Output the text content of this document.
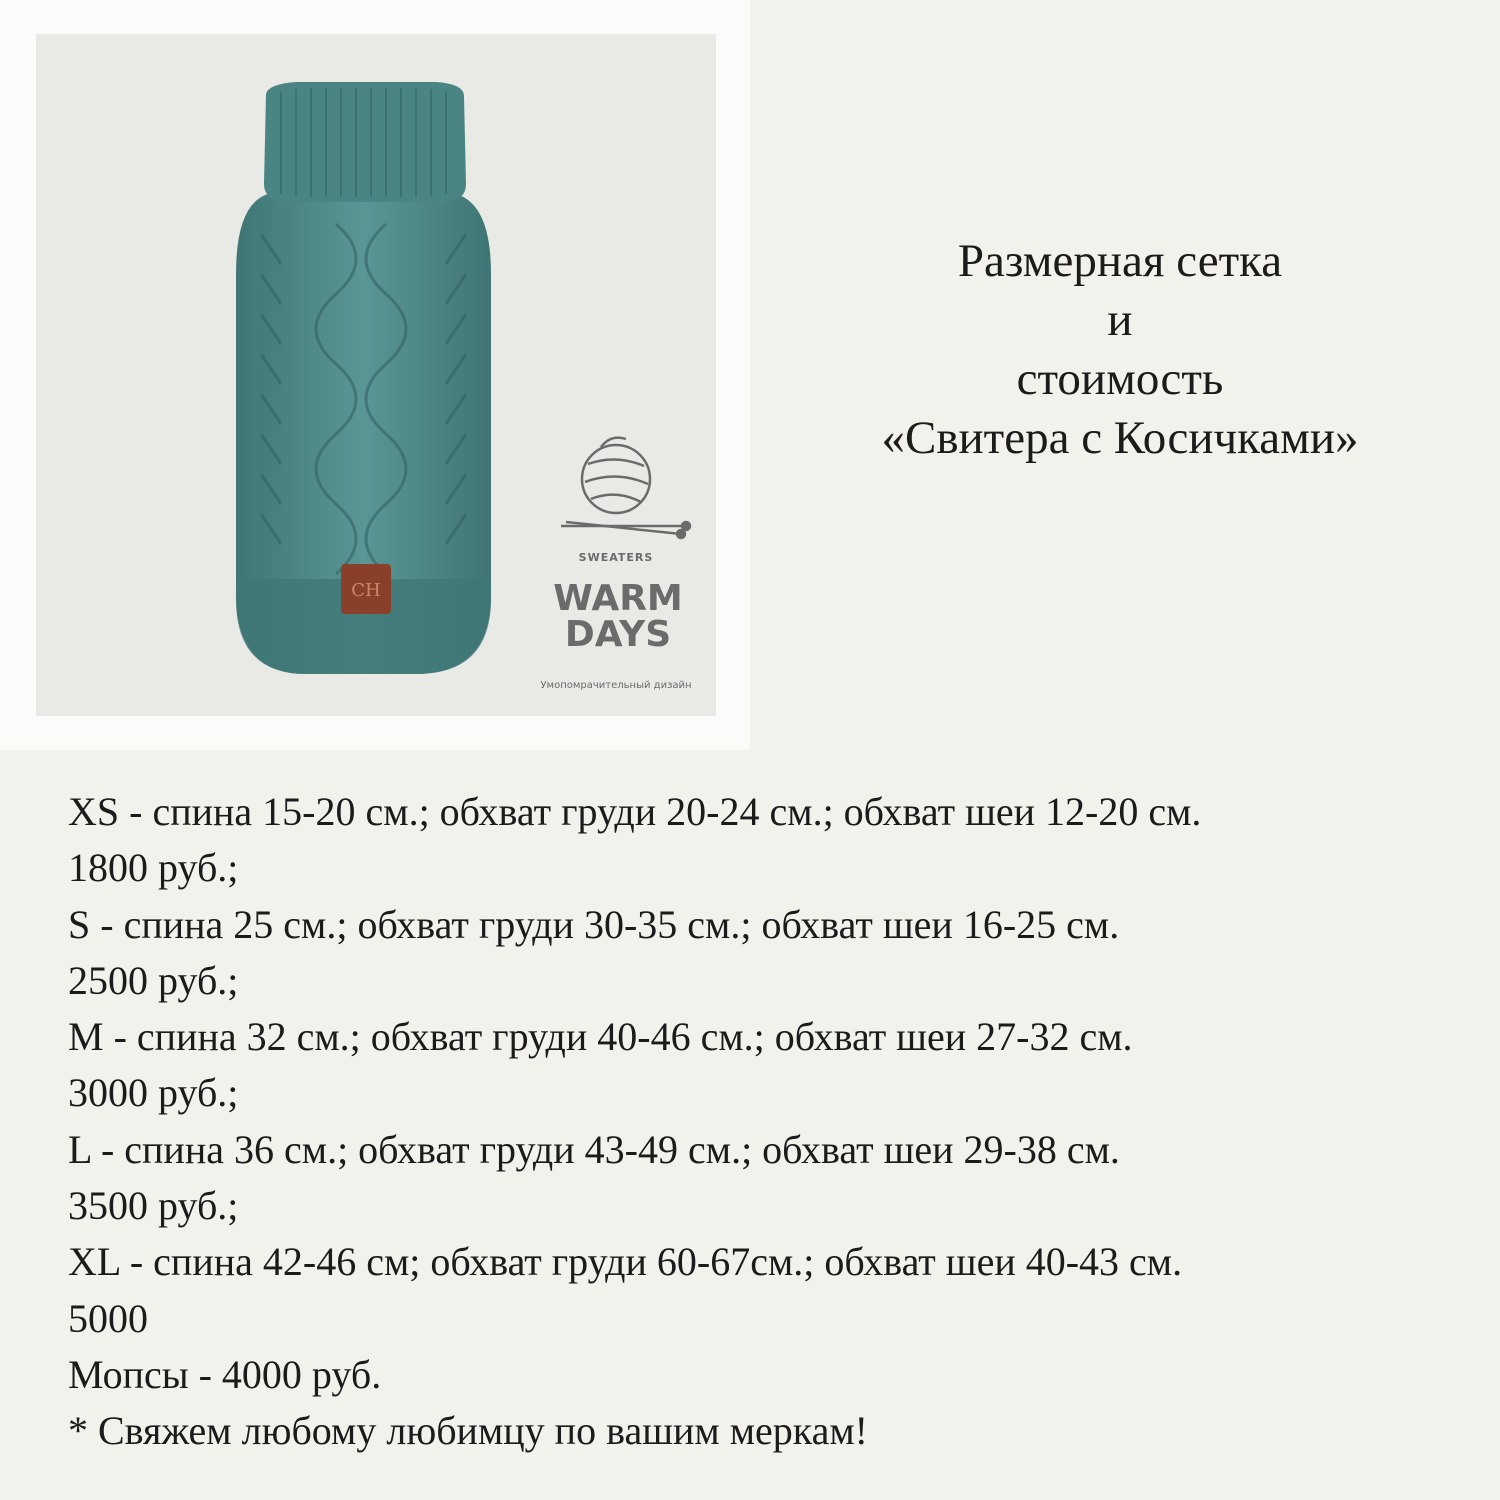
CH
SWEATERS
WARM
DAYS
Умопомрачительный дизайн
Размерная сетка
и
стоимость
«Свитера с Косичками»
XS - спина 15-20 см.; обхват груди 20-24 см.; обхват шеи 12-20 см.
1800 руб.;
S - спина 25 см.; обхват груди 30-35 см.; обхват шеи 16-25 см.
2500 руб.;
M - спина 32 см.; обхват груди 40-46 см.; обхват шеи 27-32 см.
3000 руб.;
L - спина 36 см.; обхват груди 43-49 см.; обхват шеи 29-38 см.
3500 руб.;
XL - спина 42-46 см; обхват груди 60-67см.; обхват шеи 40-43 см.
5000
Мопсы - 4000 руб.
* Свяжем любому любимцу по вашим меркам!
